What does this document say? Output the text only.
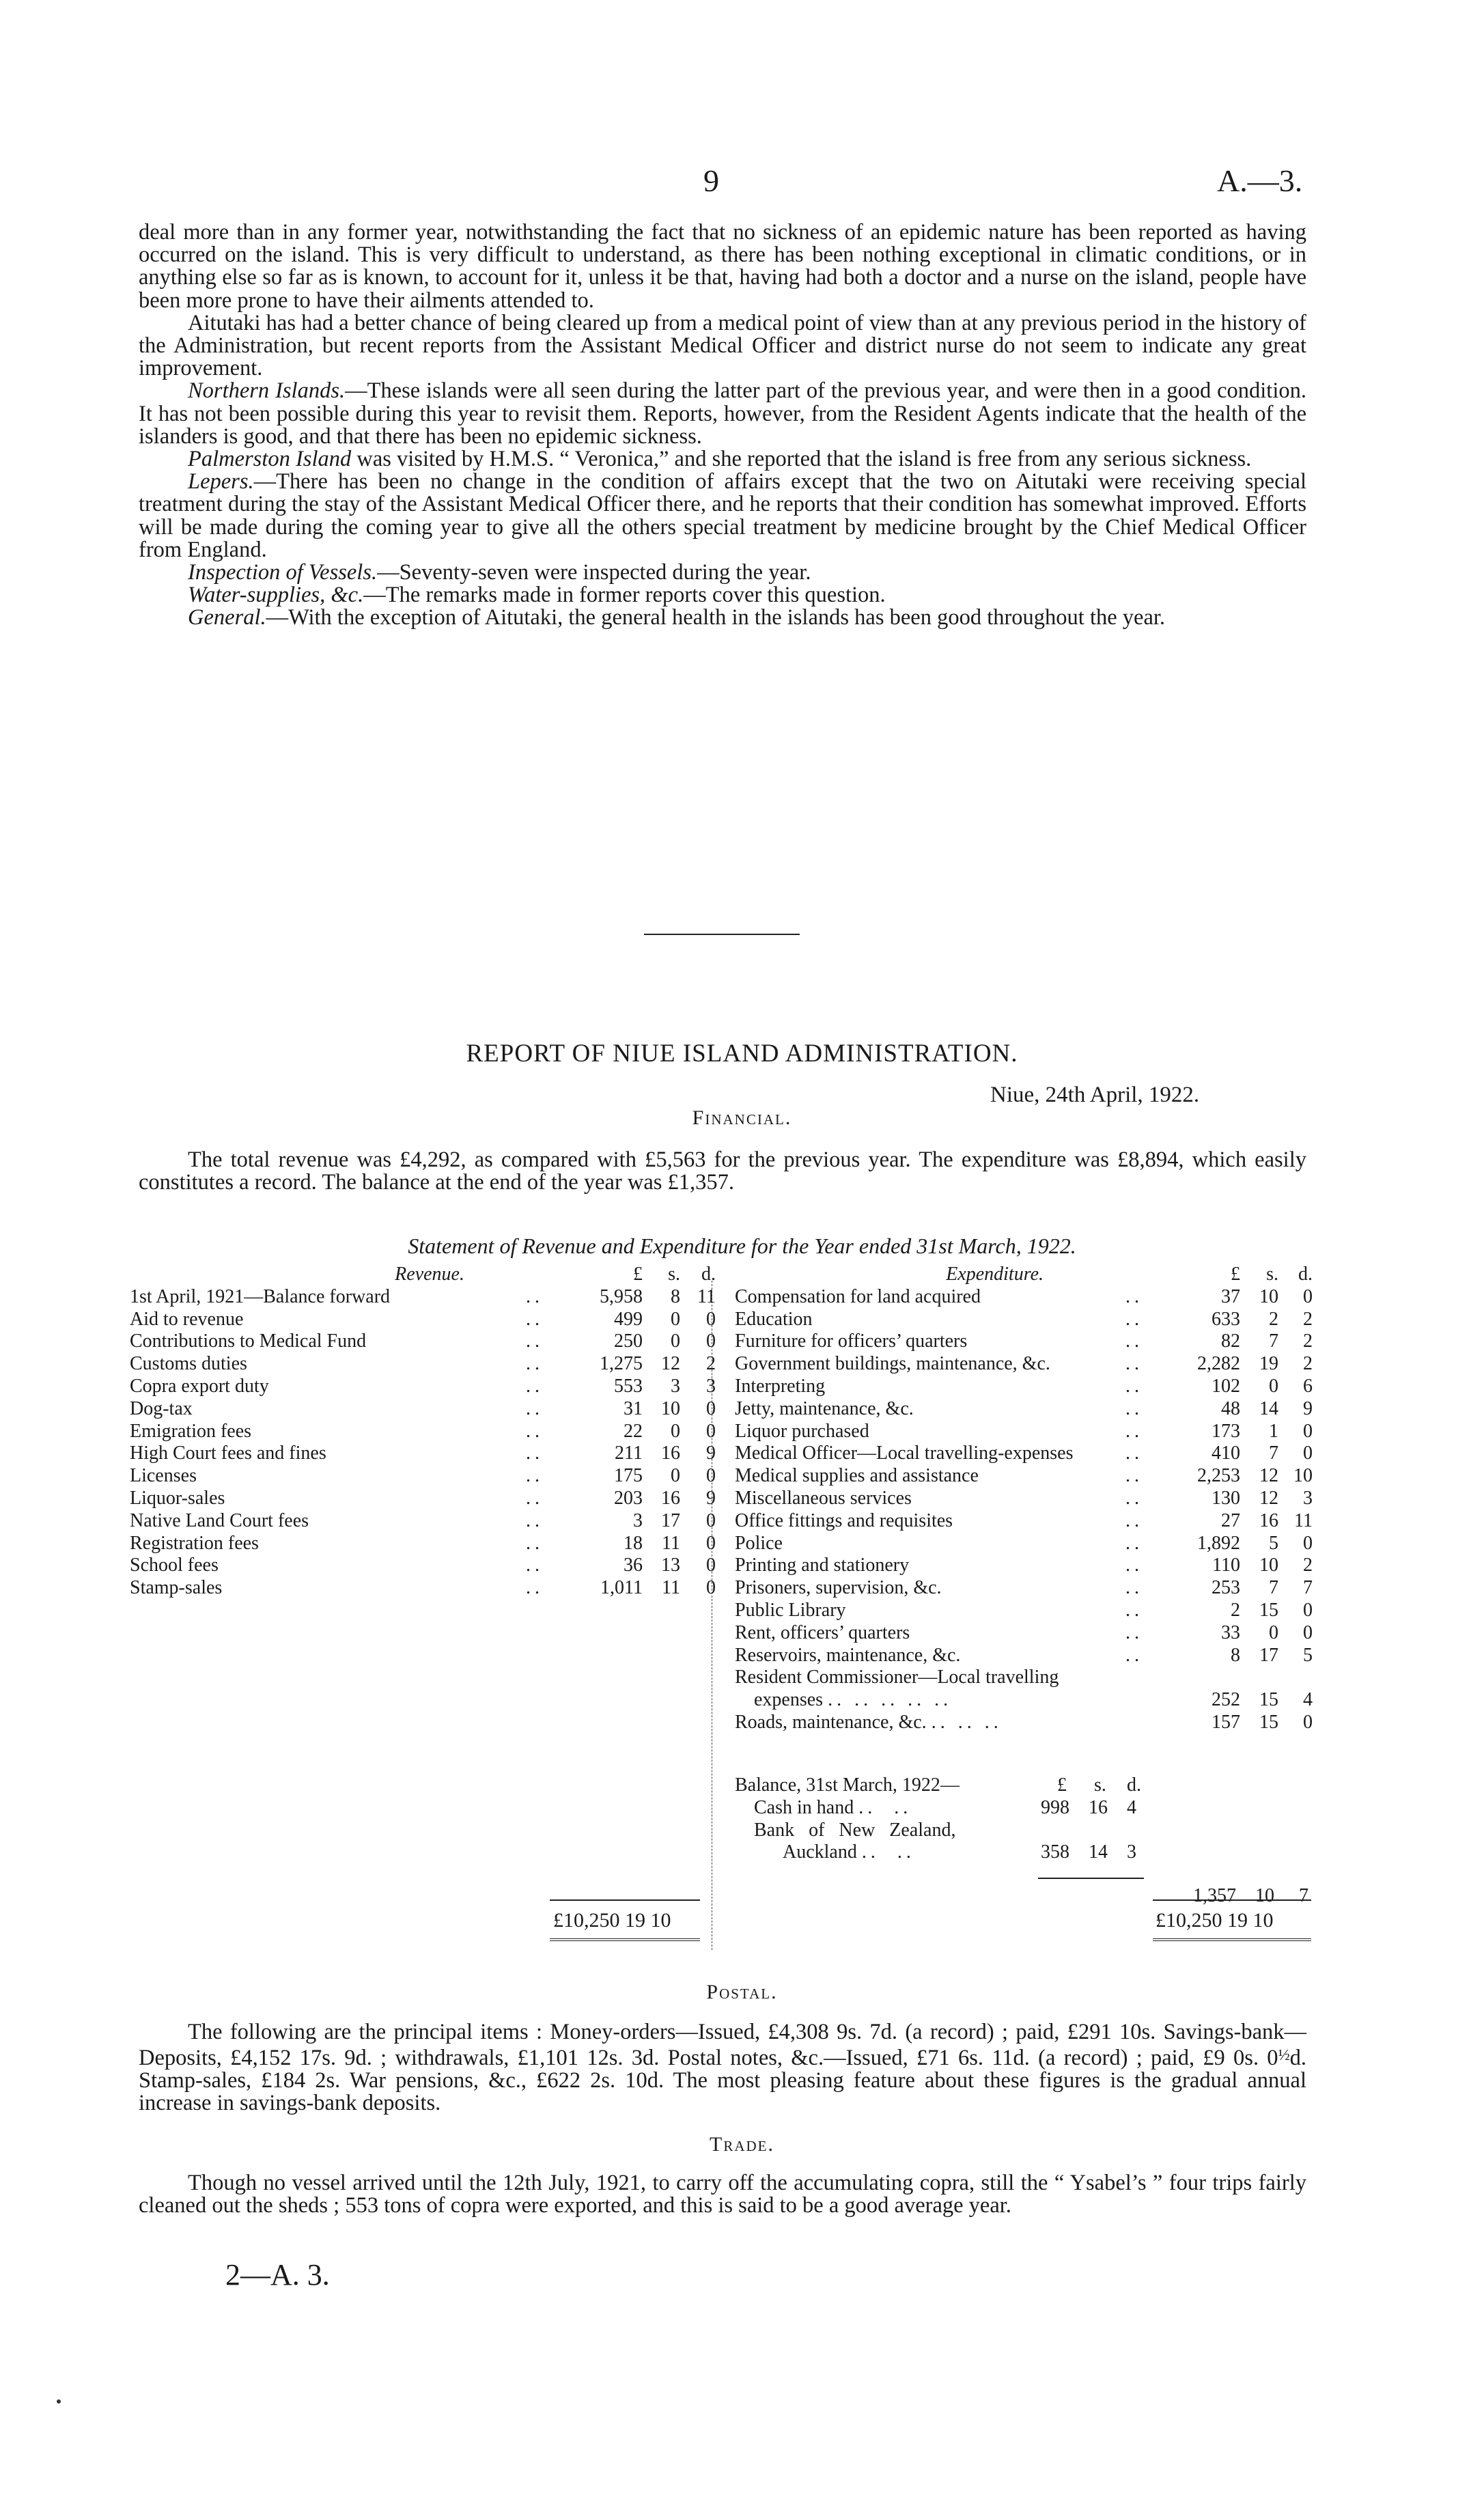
9	A.—3.

deal more than in any former year, notwithstanding the fact that no sickness of an epidemic nature has been reported as having occurred on the island. This is very difficult to understand, as there has been nothing exceptional in climatic conditions, or in anything else so far as is known, to account for it, unless it be that, having had both a doctor and a nurse on the island, people have been more prone to have their ailments attended to.

Aitutaki has had a better chance of being cleared up from a medical point of view than at any previous period in the history of the Administration, but recent reports from the Assistant Medical Officer and district nurse do not seem to indicate any great improvement.

Northern Islands.—These islands were all seen during the latter part of the previous year, and were then in a good condition. It has not been possible during this year to revisit them. Reports, however, from the Resident Agents indicate that the health of the islanders is good, and that there has been no epidemic sickness.

Palmerston Island was visited by H.M.S. “ Veronica,” and she reported that the island is free from any serious sickness.

Lepers.—There has been no change in the condition of affairs except that the two on Aitutaki were receiving special treatment during the stay of the Assistant Medical Officer there, and he reports that their condition has somewhat improved. Efforts will be made during the coming year to give all the others special treatment by medicine brought by the Chief Medical Officer from England.

Inspection of Vessels.—Seventy-seven were inspected during the year.

Water-supplies, &c.—The remarks made in former reports cover this question.

General.—With the exception of Aitutaki, the general health in the islands has been good throughout the year.

REPORT OF NIUE ISLAND ADMINISTRATION.
Niue, 24th April, 1922.
Financial.

The total revenue was £4,292, as compared with £5,563 for the previous year. The expenditure was £8,894, which easily constitutes a record. The balance at the end of the year was £1,357.

Statement of Revenue and Expenditure for the Year ended 31st March, 1922.
Revenue.		£	s.	d.
1st April, 1921—Balance forward	..	5,958	8	11
Aid to revenue	..	499	0	0
Contributions to Medical Fund	..	250	0	0
Customs duties	..	1,275	12	2
Copra export duty	..	553	3	3
Dog-tax	..	31	10	0
Emigration fees	..	22	0	0
High Court fees and fines	..	211	16	9
Licenses	..	175	0	0
Liquor-sales	..	203	16	9
Native Land Court fees	..	3	17	0
Registration fees	..	18	11	0
School fees	..	36	13	0
Stamp-sales	..	1,011	11	0
Expenditure.		£	s.	d.
Compensation for land acquired	..	37	10	0
Education	..	633	2	2
Furniture for officers’ quarters	..	82	7	2
Government buildings, maintenance, &c.	..	2,282	19	2
Interpreting	..	102	0	6
Jetty, maintenance, &c.	..	48	14	9
Liquor purchased	..	173	1	0
Medical Officer—Local travelling-expenses	..	410	7	0
Medical supplies and assistance	..	2,253	12	10
Miscellaneous services	..	130	12	3
Office fittings and requisites	..	27	16	11
Police	..	1,892	5	0
Printing and stationery	..	110	10	2
Prisoners, supervision, &c.	..	253	7	7
Public Library	..	2	15	0
Rent, officers’ quarters	..	33	0	0
Reservoirs, maintenance, &c.	..	8	17	5
Resident Commissioner—Local travelling				
expenses .. .. .. .. ..		252	15	4
Roads, maintenance, &c. .. .. ..		157	15	0
Balance, 31st March, 1922—	£ s. d.
Cash in hand ..  ..	998 16 4
Bank of New Zealand,
Auckland ..  ..	358 14 3
1,357 10 7
£10,250 19 10	£10,250 19 10
Postal.

The following are the principal items : Money-orders—Issued, £4,308 9s. 7d. (a record) ; paid, £291 10s. Savings-bank—Deposits, £4,152 17s. 9d. ; withdrawals, £1,101 12s. 3d. Postal notes, &c.—Issued, £71 6s. 11d. (a record) ; paid, £9 0s. $0^{\frac{1}{2}}d$. Stamp-sales, £184 2s. War pensions, &c., £622 2s. 10d. The most pleasing feature about these figures is the gradual annual increase in savings-bank deposits.

Trade.

Though no vessel arrived until the 12th July, 1921, to carry off the accumulating copra, still the “ Ysabel’s ” four trips fairly cleaned out the sheds ; 553 tons of copra were exported, and this is said to be a good average year.

2—A. 3.
